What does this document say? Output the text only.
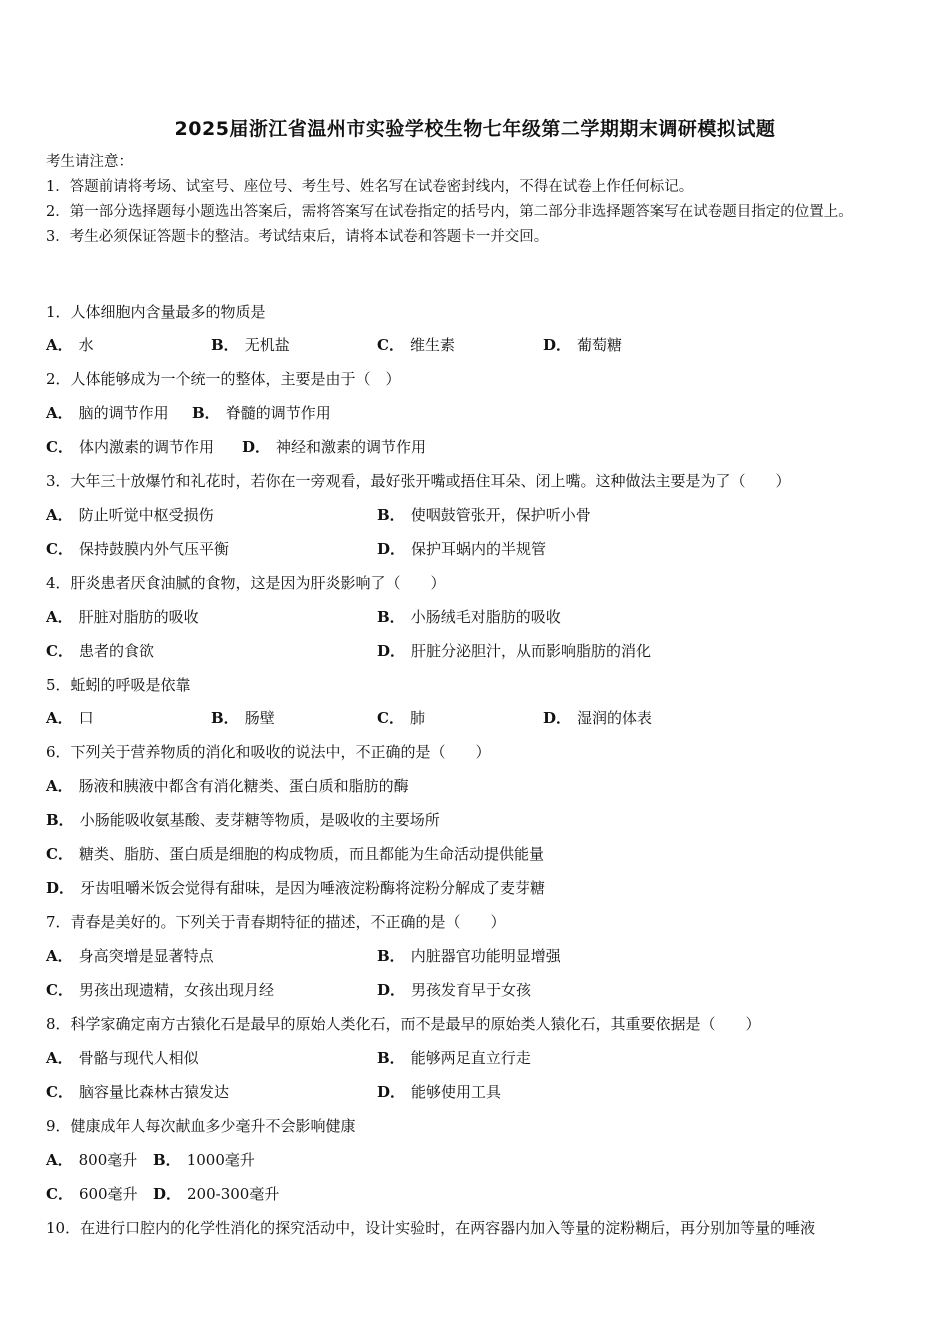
2025届浙江省温州市实验学校生物七年级第二学期期末调研模拟试题
考生请注意：
1．答题前请将考场、试室号、座位号、考生号、姓名写在试卷密封线内，不得在试卷上作任何标记。
2．第一部分选择题每小题选出答案后，需将答案写在试卷指定的括号内，第二部分非选择题答案写在试卷题目指定的位置上。
3．考生必须保证答题卡的整洁。考试结束后，请将本试卷和答题卡一并交回。
1．人体细胞内含量最多的物质是
A． 水	B． 无机盐	C． 维生素	D． 葡萄糖
2．人体能够成为一个统一的整体，主要是由于（　）
A． 脑的调节作用 B． 脊髓的调节作用
C． 体内激素的调节作用 D． 神经和激素的调节作用
3．大年三十放爆竹和礼花时，若你在一旁观看，最好张开嘴或捂住耳朵、闭上嘴。这种做法主要是为了（　　）
A． 防止听觉中枢受损伤	B． 使咽鼓管张开，保护听小骨
C． 保持鼓膜内外气压平衡	D． 保护耳蜗内的半规管
4．肝炎患者厌食油腻的食物，这是因为肝炎影响了（　　）
A． 肝脏对脂肪的吸收	B． 小肠绒毛对脂肪的吸收
C． 患者的食欲	D． 肝脏分泌胆汁，从而影响脂肪的消化
5．蚯蚓的呼吸是依靠
A． 口	B． 肠壁	C． 肺	D． 湿润的体表
6．下列关于营养物质的消化和吸收的说法中，不正确的是（　　）
A． 肠液和胰液中都含有消化糖类、蛋白质和脂肪的酶
B． 小肠能吸收氨基酸、麦芽糖等物质，是吸收的主要场所
C． 糖类、脂肪、蛋白质是细胞的构成物质，而且都能为生命活动提供能量
D． 牙齿咀嚼米饭会觉得有甜味，是因为唾液淀粉酶将淀粉分解成了麦芽糖
7．青春是美好的。下列关于青春期特征的描述，不正确的是（　　）
A． 身高突增是显著特点	B． 内脏器官功能明显增强
C． 男孩出现遗精，女孩出现月经	D． 男孩发育早于女孩
8．科学家确定南方古猿化石是最早的原始人类化石，而不是最早的原始类人猿化石，其重要依据是（　　）
A． 骨骼与现代人相似	B． 能够两足直立行走
C． 脑容量比森林古猿发达	D． 能够使用工具
9．健康成年人每次献血多少毫升不会影响健康
A． 800毫升 B． 1000毫升
C． 600毫升 D． 200-300毫升
10．在进行口腔内的化学性消化的探究活动中，设计实验时，在两容器内加入等量的淀粉糊后，再分别加等量的唾液
